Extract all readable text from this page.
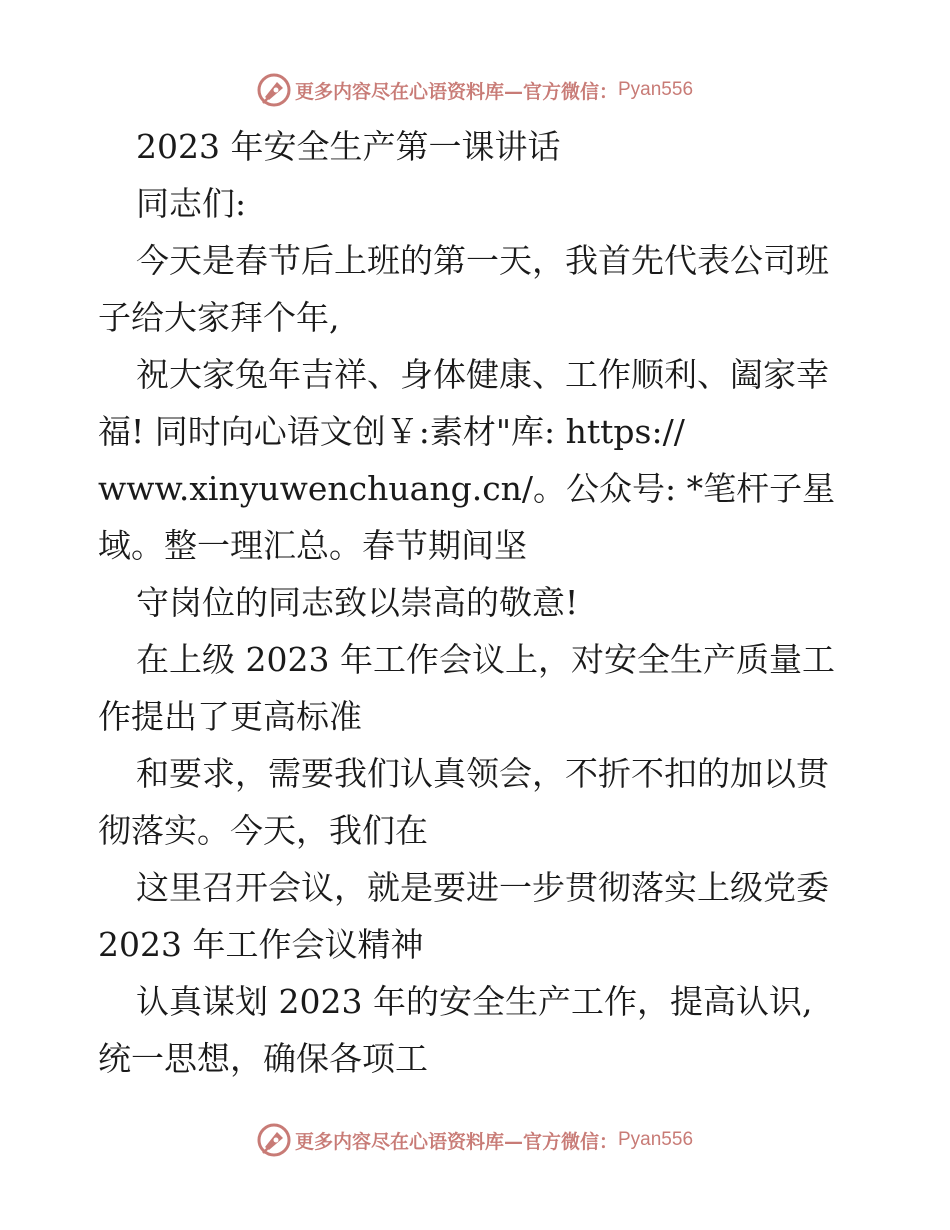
更多内容尽在心语资料库—官方微信： Pyan556
2023 年安全生产第一课讲话
同志们:
今天是春节后上班的第一天，我首先代表公司班
子给大家拜个年,
祝大家兔年吉祥、身体健康、工作顺利、阖家幸
福! 同时向心语文创￥:素材"库: https://
www.xinyuwenchuang.cn/。公众号: *笔杆子星
域。整一理汇总。春节期间坚
守岗位的同志致以崇高的敬意!
在上级 2023 年工作会议上，对安全生产质量工
作提出了更高标准
和要求，需要我们认真领会，不折不扣的加以贯
彻落实。今天，我们在
这里召开会议，就是要进一步贯彻落实上级党委
2023 年工作会议精神
认真谋划 2023 年的安全生产工作，提高认识,
统一思想，确保各项工
更多内容尽在心语资料库—官方微信： Pyan556
